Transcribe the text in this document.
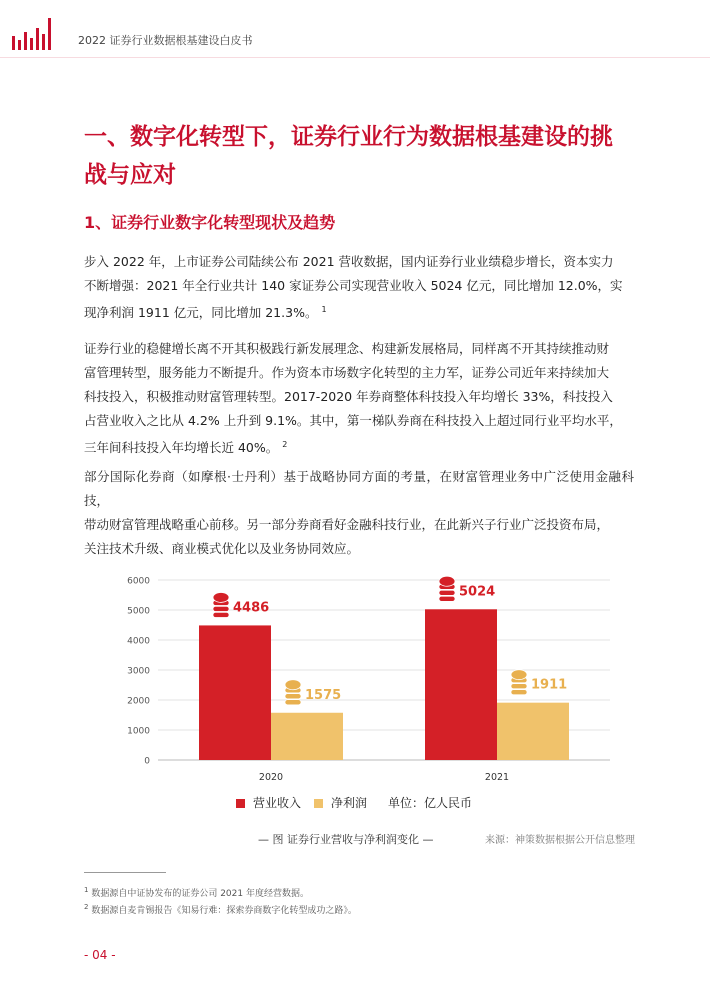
2022 证券行业数据根基建设白皮书
一、数字化转型下，证券行业行为数据根基建设的挑
战与应对
1、证券行业数字化转型现状及趋势
步入 2022 年，上市证券公司陆续公布 2021 营收数据，国内证券行业业绩稳步增长，资本实力
不断增强：2021 年全行业共计 140 家证券公司实现营业收入 5024 亿元，同比增加 12.0%，实
现净利润 1911 亿元，同比增加 21.3%。 $^1$
证券行业的稳健增长离不开其积极践行新发展理念、构建新发展格局，同样离不开其持续推动财
富管理转型，服务能力不断提升。作为资本市场数字化转型的主力军，证券公司近年来持续加大
科技投入，积极推动财富管理转型。2017-2020 年券商整体科技投入年均增长 33%，科技投入
占营业收入之比从 4.2% 上升到 9.1%。其中，第一梯队券商在科技投入上超过同行业平均水平，
三年间科技投入年均增长近 40%。 $^2$
部分国际化券商（如摩根·士丹利）基于战略协同方面的考量，在财富管理业务中广泛使用金融科技，
带动财富管理战略重心前移。另一部分券商看好金融科技行业，在此新兴子行业广泛投资布局，
关注技术升级、商业模式优化以及业务协同效应。
0
1000
2000
3000
4000
5000
6000
2020
4486
1575
2021
5024
1911
营业收入	净利润 单位：亿人民币
— 图 证券行业营收与净利润变化 —	来源：神策数据根据公开信息整理
$^1$ 数据源自中证协发布的证券公司 2021 年度经营数据。
$^2$ 数据源自麦肯锡报告《知易行难：探索券商数字化转型成功之路》。
- 04 -
